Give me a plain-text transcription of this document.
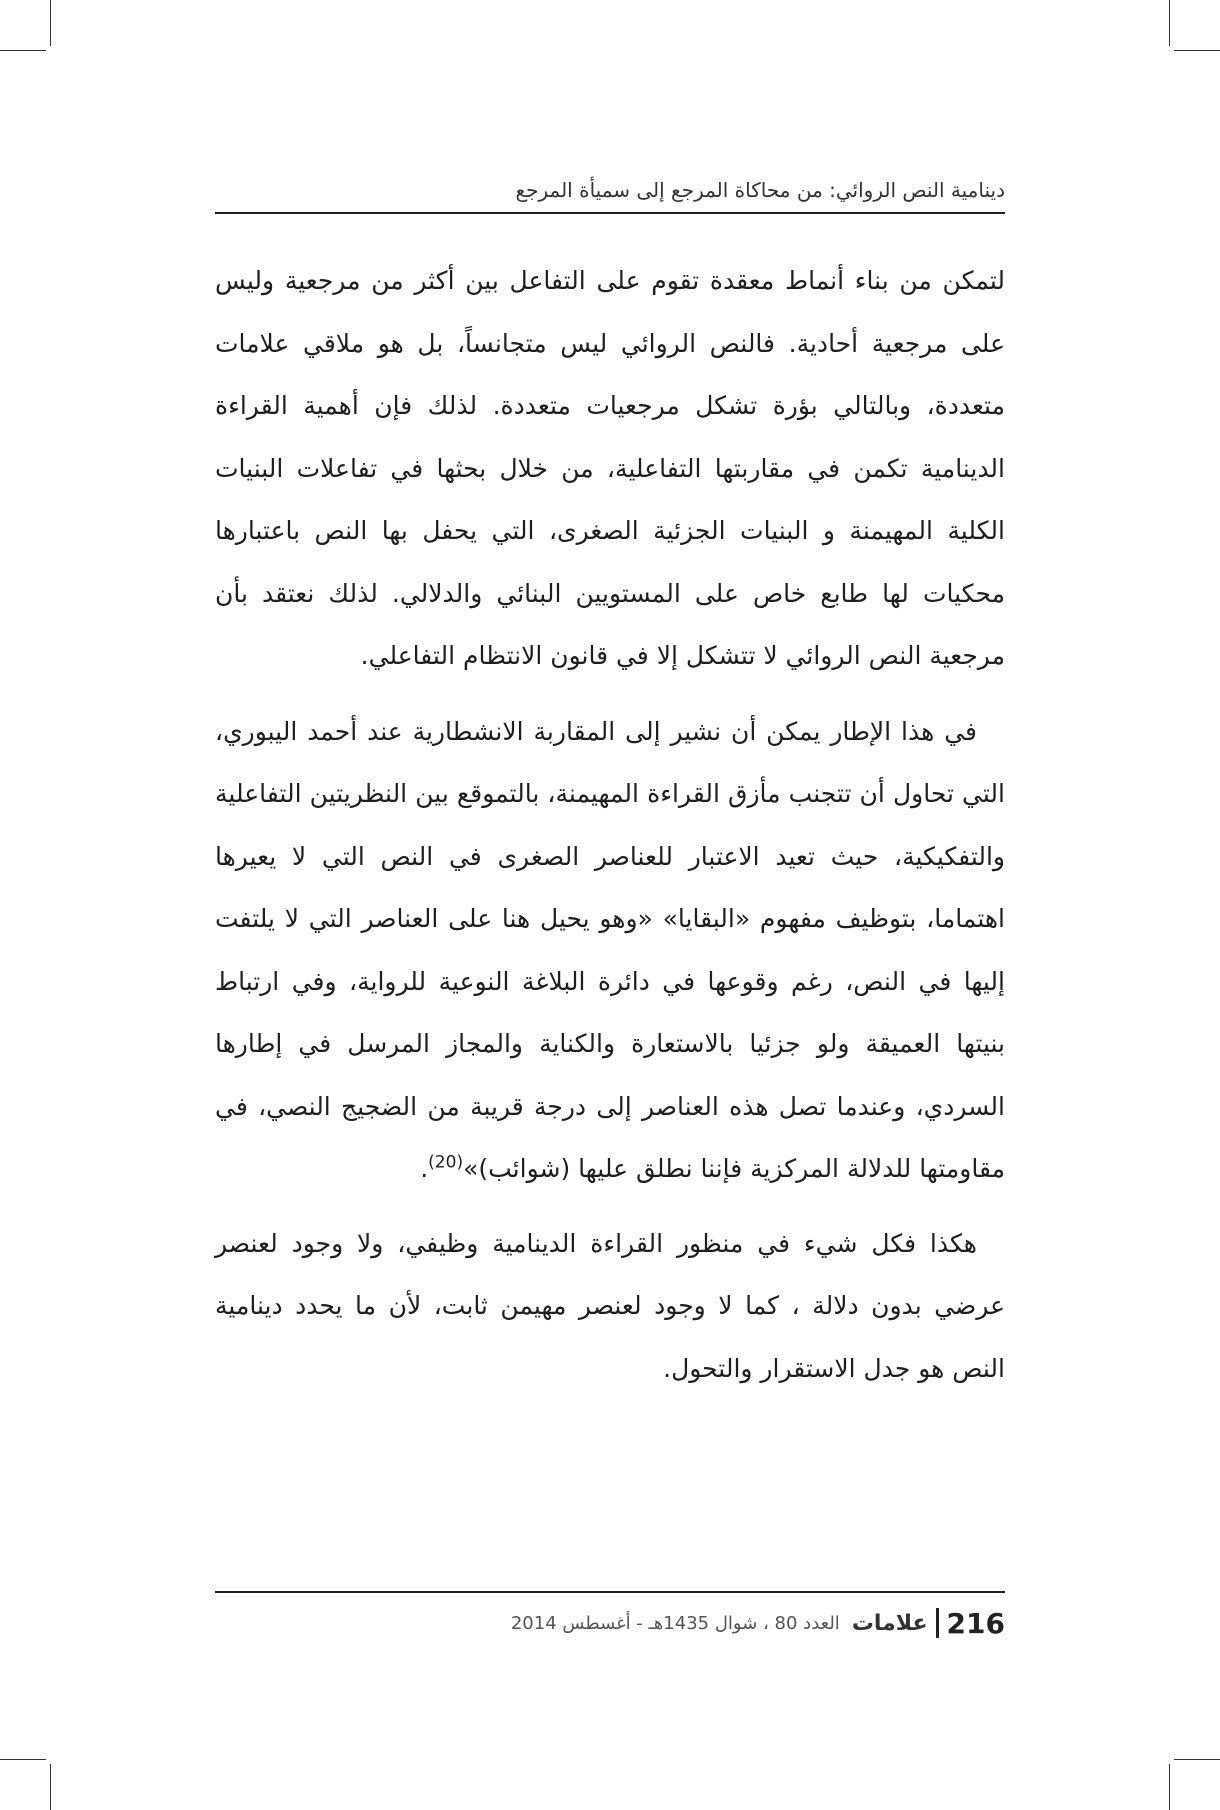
دينامية النص الروائي: من محاكاة المرجع إلى سميأة المرجع

لتمكن من بناء أنماط معقدة تقوم على التفاعل بين أكثر من مرجعية وليس على مرجعية أحادية. فالنص الروائي ليس متجانساً، بل هو ملاقي علامات متعددة، وبالتالي بؤرة تشكل مرجعيات متعددة. لذلك فإن أهمية القراءة الدينامية تكمن في مقاربتها التفاعلية، من خلال بحثها في تفاعلات البنيات الكلية المهيمنة و البنيات الجزئية الصغرى، التي يحفل بها النص باعتبارها محكيات لها طابع خاص على المستويين البنائي والدلالي. لذلك نعتقد بأن مرجعية النص الروائي لا تتشكل إلا في قانون الانتظام التفاعلي.

في هذا الإطار يمكن أن نشير إلى المقاربة الانشطارية عند أحمد اليبوري، التي تحاول أن تتجنب مأزق القراءة المهيمنة، بالتموقع بين النظريتين التفاعلية والتفكيكية، حيث تعيد الاعتبار للعناصر الصغرى في النص التي لا يعيرها اهتماما، بتوظيف مفهوم «البقايا» «وهو يحيل هنا على العناصر التي لا يلتفت إليها في النص، رغم وقوعها في دائرة البلاغة النوعية للرواية، وفي ارتباط بنيتها العميقة ولو جزئيا بالاستعارة والكناية والمجاز المرسل في إطارها السردي، وعندما تصل هذه العناصر إلى درجة قريبة من الضجيج النصي، في مقاومتها للدلالة المركزية فإننا نطلق عليها (شوائب)»$^{(20)}$.

هكذا فكل شيء في منظور القراءة الدينامية وظيفي، ولا وجود لعنصر عرضي بدون دلالة ، كما لا وجود لعنصر مهيمن ثابت، لأن ما يحدد دينامية النص هو جدل الاستقرار والتحول.

216
علامات
العدد 80 ، شوال 1435هـ - أغسطس 2014
